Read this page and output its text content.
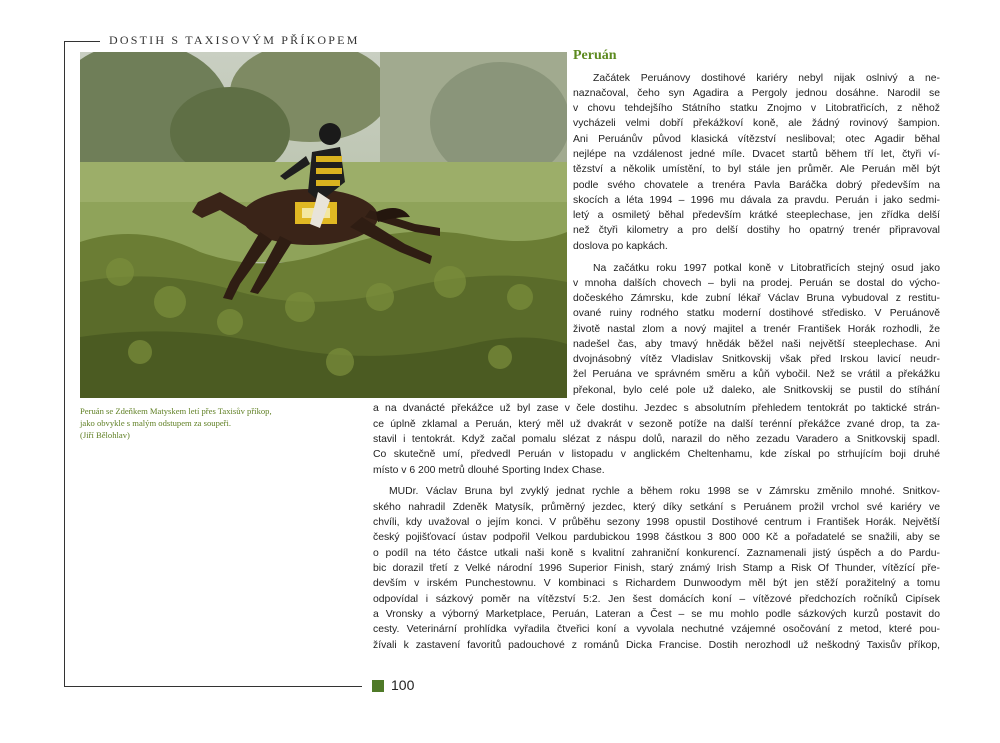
DOSTIH S TAXISOVÝM PŘÍKOPEM
Peruán se Zdeňkem Matyskem letí přes Taxisův příkop,
jako obvykle s malým odstupem za soupeři.
(Jiří Bělohlav)
Peruán
Začátek Peruánovy dostihové kariéry nebyl nijak oslnivý a ne-
naznačoval, čeho syn Agadira a Pergoly jednou dosáhne. Narodil se
v chovu tehdejšího Státního statku Znojmo v Litobratřicích, z něhož
vycházeli velmi dobří překážkoví koně, ale žádný rovinový šampion.
Ani Peruánův původ klasická vítězství nesliboval; otec Agadir běhal
nejlépe na vzdálenost jedné míle. Dvacet startů během tří let, čtyři ví-
tězství a několik umístění, to byl stále jen průměr. Ale Peruán měl být
podle svého chovatele a trenéra Pavla Baráčka dobrý především na
skocích a léta 1994 – 1996 mu dávala za pravdu. Peruán i jako sedmi-
letý a osmiletý běhal především krátké steeplechase, jen zřídka delší
než čtyři kilometry a pro delší dostihy ho opatrný trenér připravoval
doslova po kapkách.
Na začátku roku 1997 potkal koně v Litobratřicích stejný osud jako
v mnoha dalších chovech – byli na prodej. Peruán se dostal do výcho-
dočeského Zámrsku, kde zubní lékař Václav Bruna vybudoval z restitu-
ované ruiny rodného statku moderní dostihové středisko. V Peruánově
životě nastal zlom a nový majitel a trenér František Horák rozhodli, že
nadešel čas, aby tmavý hnědák běžel naši největší steeplechase. Ani
dvojnásobný vítěz Vladislav Snitkovskij však před Irskou lavicí neudr-
žel Peruána ve správném směru a kůň vybočil. Než se vrátil a překážku
překonal, bylo celé pole už daleko, ale Snitkovskij se pustil do stíhání
a na dvanácté překážce už byl zase v čele dostihu. Jezdec s absolutním přehledem tentokrát po taktické strán-
ce úplně zklamal a Peruán, který měl už dvakrát v sezoně potíže na další terénní překážce zvané drop, ta za-
stavil i tentokrát. Když začal pomalu slézat z náspu dolů, narazil do něho zezadu Varadero a Snitkovskij spadl.
Co skutečně umí, předvedl Peruán v listopadu v anglickém Cheltenhamu, kde získal po strhujícím boji druhé
místo v 6 200 metrů dlouhé Sporting Index Chase.
MUDr. Václav Bruna byl zvyklý jednat rychle a během roku 1998 se v Zámrsku změnilo mnohé. Snitkov-
ského nahradil Zdeněk Matysík, průměrný jezdec, který díky setkání s Peruánem prožil vrchol své kariéry ve
chvíli, kdy uvažoval o jejím konci. V průběhu sezony 1998 opustil Dostihové centrum i František Horák. Největší
český pojišťovací ústav podpořil Velkou pardubickou 1998 částkou 3 800 000 Kč a pořadatelé se snažili, aby se
o podíl na této částce utkali naši koně s kvalitní zahraniční konkurencí. Zaznamenali jistý úspěch a do Pardu-
bic dorazil třetí z Velké národní 1996 Superior Finish, starý známý Irish Stamp a Risk Of Thunder, vítězící pře-
devším v irském Punchestownu. V kombinaci s Richardem Dunwoodym měl být jen stěží poražitelný a tomu
odpovídal i sázkový poměr na vítězství 5:2. Jen šest domácích koní – vítězové předchozích ročníků Cipísek
a Vronsky a výborný Marketplace, Peruán, Lateran a Čest – se mu mohlo podle sázkových kurzů postavit do
cesty. Veterinární prohlídka vyřadila čtveřici koní a vyvolala nechutné vzájemné osočování z metod, které pou-
žívali k zastavení favoritů padouchové z románů Dicka Francise. Dostih nerozhodl už neškodný Taxisův příkop,
100
